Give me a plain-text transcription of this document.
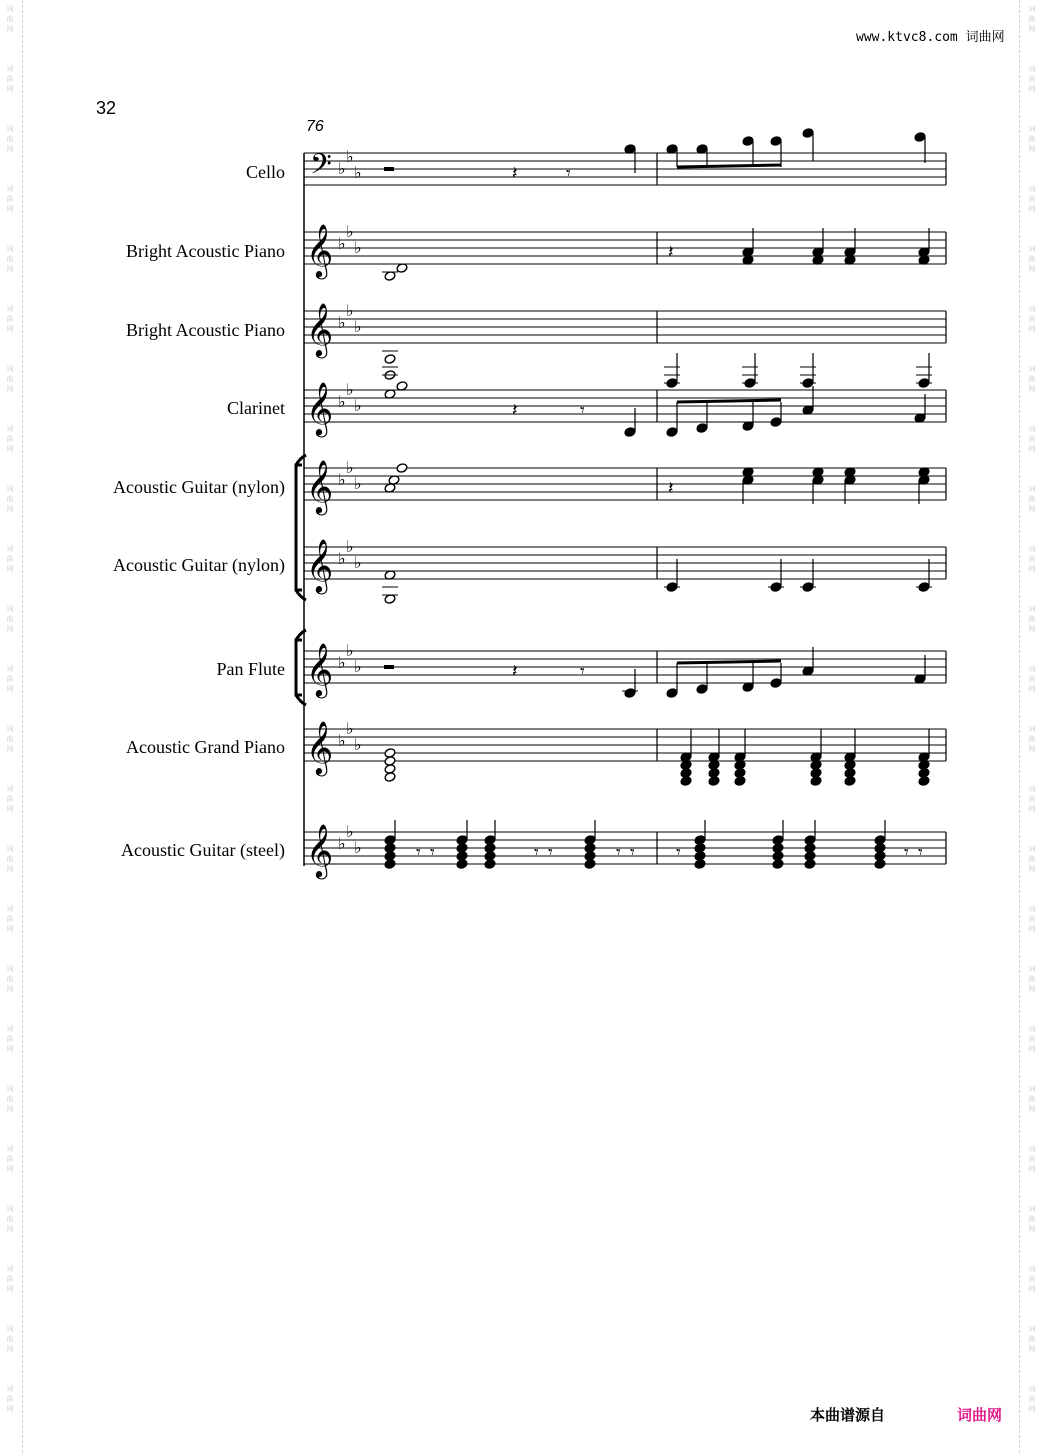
词
曲
网
词
曲
网
词
曲
网
词
曲
网
词
曲
网
词
曲
网
词
曲
网
词
曲
网
词
曲
网
词
曲
网
词
曲
网
词
曲
网
词
曲
网
词
曲
网
词
曲
网
词
曲
网
词
曲
网
词
曲
网
词
曲
网
词
曲
网
词
曲
网
词
曲
网
词
曲
网
词
曲
网
词
曲
网
词
曲
网
词
曲
网
词
曲
网
词
曲
网
词
曲
网
词
曲
网
词
曲
网
词
曲
网
词
曲
网
词
曲
网
词
曲
网
词
曲
网
词
曲
网
词
曲
网
词
曲
网
词
曲
网
词
曲
网
词
曲
网
词
曲
网
词
曲
网
词
曲
网
词
曲
网
词
曲
网
www.ktvc8.com 词曲网
32
76
Cello
Bright Acoustic Piano
Bright Acoustic Piano
Clarinet
Acoustic Guitar (nylon)
Acoustic Guitar (nylon)
Pan Flute
Acoustic Grand Piano
Acoustic Guitar (steel)
𝄢 ♭
♭
♭
𝄞 ♭
♭
♭
𝄞 ♭
♭
♭
𝄞 ♭
♭
♭
𝄞 ♭
♭
♭
𝄞 ♭
♭
♭
𝄞 ♭
♭
♭
𝄞 ♭
♭
♭
𝄞 ♭
♭
♭
𝄽	𝄾
𝄽
𝄽	𝄾
𝄽
𝄽	𝄾
𝄾 𝄾	𝄾 𝄾	𝄾 𝄾 𝄾	𝄾 𝄾
本曲谱源自	词曲网
